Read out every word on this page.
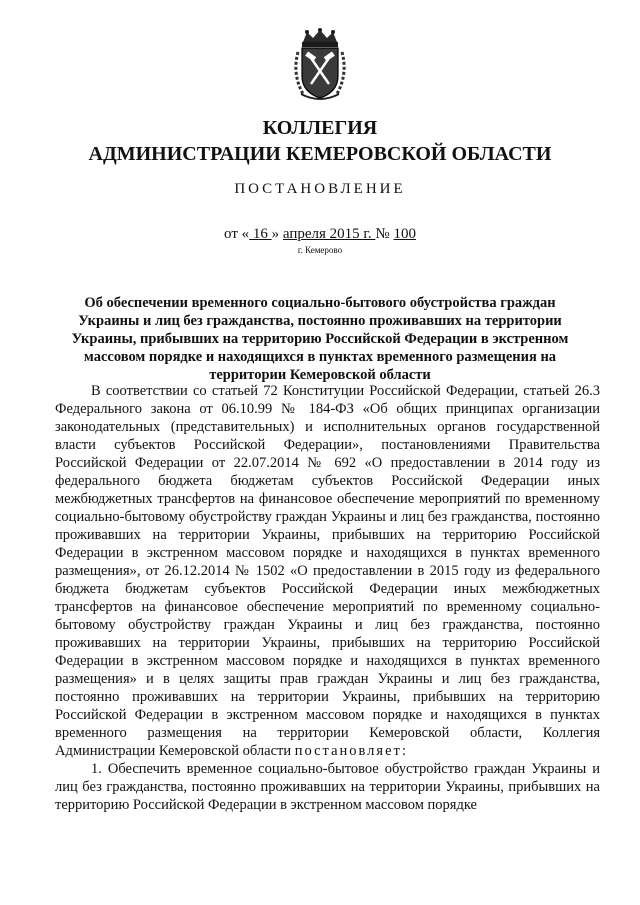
КОЛЛЕГИЯ
АДМИНИСТРАЦИИ КЕМЕРОВСКОЙ ОБЛАСТИ
ПОСТАНОВЛЕНИЕ
от « 16 » апреля 2015 г. № 100
г. Кемерово
Об обеспечении временного социально-бытового обустройства граждан
Украины и лиц без гражданства, постоянно проживавших на территории
Украины, прибывших на территорию Российской Федерации в экстренном
массовом порядке и находящихся в пунктах временного размещения на
территории Кемеровской области

В соответствии со статьей 72 Конституции Российской Федерации, статьей 26.3 Федерального закона от 06.10.99 № 184-ФЗ «Об общих принципах организации законодательных (представительных) и исполнительных органов государственной власти субъектов Российской Федерации», постановлениями Правительства Российской Федерации от 22.07.2014 № 692 «О предоставлении в 2014 году из федерального бюджета бюджетам субъектов Российской Федерации иных межбюджетных трансфертов на финансовое обеспечение мероприятий по временному социально-бытовому обустройству граждан Украины и лиц без гражданства, постоянно проживавших на территории Украины, прибывших на территорию Российской Федерации в экстренном массовом порядке и находящихся в пунктах временного размещения», от 26.12.2014 № 1502 «О предоставлении в 2015 году из федерального бюджета бюджетам субъектов Российской Федерации иных межбюджетных трансфертов на финансовое обеспечение мероприятий по временному социально-бытовому обустройству граждан Украины и лиц без гражданства, постоянно проживавших на территории Украины, прибывших на территорию Российской Федерации в экстренном массовом порядке и находящихся в пунктах временного размещения» и в целях защиты прав граждан Украины и лиц без гражданства, постоянно проживавших на территории Украины, прибывших на территорию Российской Федерации в экстренном массовом порядке и находящихся в пунктах временного размещения на территории Кемеровской области, Коллегия Администрации Кемеровской области постановляет:

1. Обеспечить временное социально-бытовое обустройство граждан Украины и лиц без гражданства, постоянно проживавших на территории Украины, прибывших на территорию Российской Федерации в экстренном массовом порядке
